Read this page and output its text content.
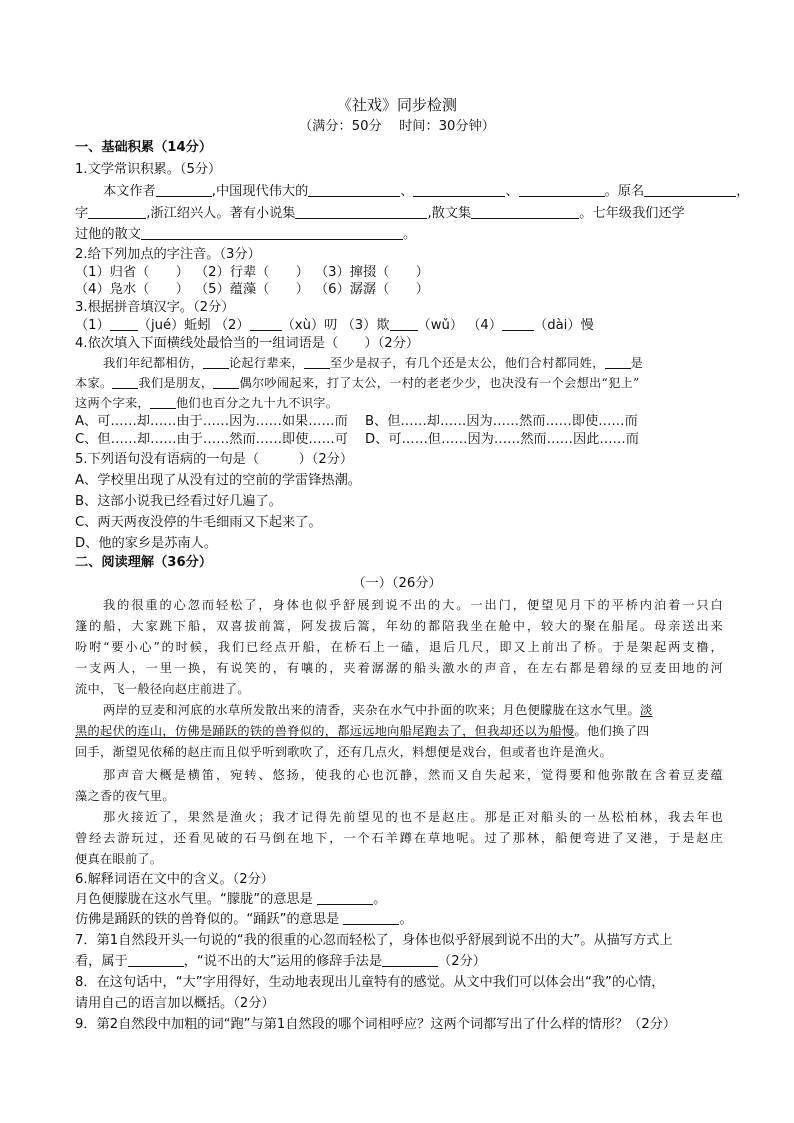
《社戏》同步检测
（满分：50分　 时间：30分钟）
一、基础积累（14分）
1.文学常识积累。（5分）
本文作者	,中国现代伟大的	、	、	。原名	，
字	,浙江绍兴人。著有小说集	,散文集	。七年级我们还学
过他的散文	。
2.给下列加点的字注音。（3分）
（1）归省（　　） （2）行辈（　　） （3）撺掇（　　）
（4）凫水（　　） （5）蕴藻（　　） （6）潺潺（　　）
3.根据拼音填汉字。（2分）
（1） （jué）蚯蚓 （2） （xù）叨 （3）欺 （wǔ） （4） （dài）慢
4.依次填入下面横线处最恰当的一组词语是（　　）（2分）
我们年纪都相仿， 论起行辈来， 至少是叔子，有几个还是太公，他们合村都同姓， 是
本家。 我们是朋友， 偶尔吵闹起来，打了太公，一村的老老少少，也决没有一个会想出“犯上”
这两个字来， 他们也百分之九十九不识字。
A、可……却……由于……因为……如果……而 B、但……却……因为……然而……即使……而
C、但……却……由于……然而……即使……可 D、可……但……因为……然而……因此……而
5.下列语句没有语病的一句是（　　　）（2分）
A、学校里出现了从没有过的空前的学雷锋热潮。
B、这部小说我已经看过好几遍了。
C、两天两夜没停的牛毛细雨又下起来了。
D、他的家乡是苏南人。
二、阅读理解（36分）
（一）（26分）
我的很重的心忽而轻松了，身体也似乎舒展到说不出的大。一出门，便望见月下的平桥内泊着一只白
篷的船，大家跳下船，双喜拔前篙，阿发拔后篙，年幼的都陪我坐在舱中，较大的聚在船尾。母亲送出来
吩咐“要小心”的时候，我们已经点开船，在桥石上一磕，退后几尺，即又上前出了桥。于是架起两支橹，
一支两人，一里一换，有说笑的，有嚷的，夹着潺潺的船头激水的声音，在左右都是碧绿的豆麦田地的河
流中，飞一般径向赵庄前进了。
两岸的豆麦和河底的水草所发散出来的清香，夹杂在水气中扑面的吹来；月色便朦胧在这水气里。淡
黑的起伏的连山，仿佛是踊跃的铁的兽脊似的，都远远地向船尾跑去了，但我却还以为船慢。他们换了四
回手，渐望见依稀的赵庄而且似乎听到歌吹了，还有几点火，料想便是戏台，但或者也许是渔火。
那声音大概是横笛，宛转、悠扬，使我的心也沉静，然而又自失起来，觉得要和他弥散在含着豆麦蕴
藻之香的夜气里。
那火接近了，果然是渔火；我才记得先前望见的也不是赵庄。那是正对船头的一丛松柏林，我去年也
曾经去游玩过，还看见破的石马倒在地下，一个石羊蹲在草地呢。过了那林，船便弯进了叉港，于是赵庄
便真在眼前了。
6.解释词语在文中的含义。（2分）
月色便朦胧在这水气里。“朦胧”的意思是	。
仿佛是踊跃的铁的兽脊似的。“踊跃”的意思是	。
7．第1自然段开头一句说的“我的很重的心忽而轻松了，身体也似乎舒展到说不出的大”。从描写方式上
看，属于	，“说不出的大”运用的修辞手法是	（2分）
8．在这句话中，“大”字用得好，生动地表现出儿童特有的感觉。从文中我们可以体会出“我”的心情，
请用自己的语言加以概括。（2分）
9．第2自然段中加粗的词“跑”与第1自然段的哪个词相呼应？这两个词都写出了什么样的情形？（2分）
